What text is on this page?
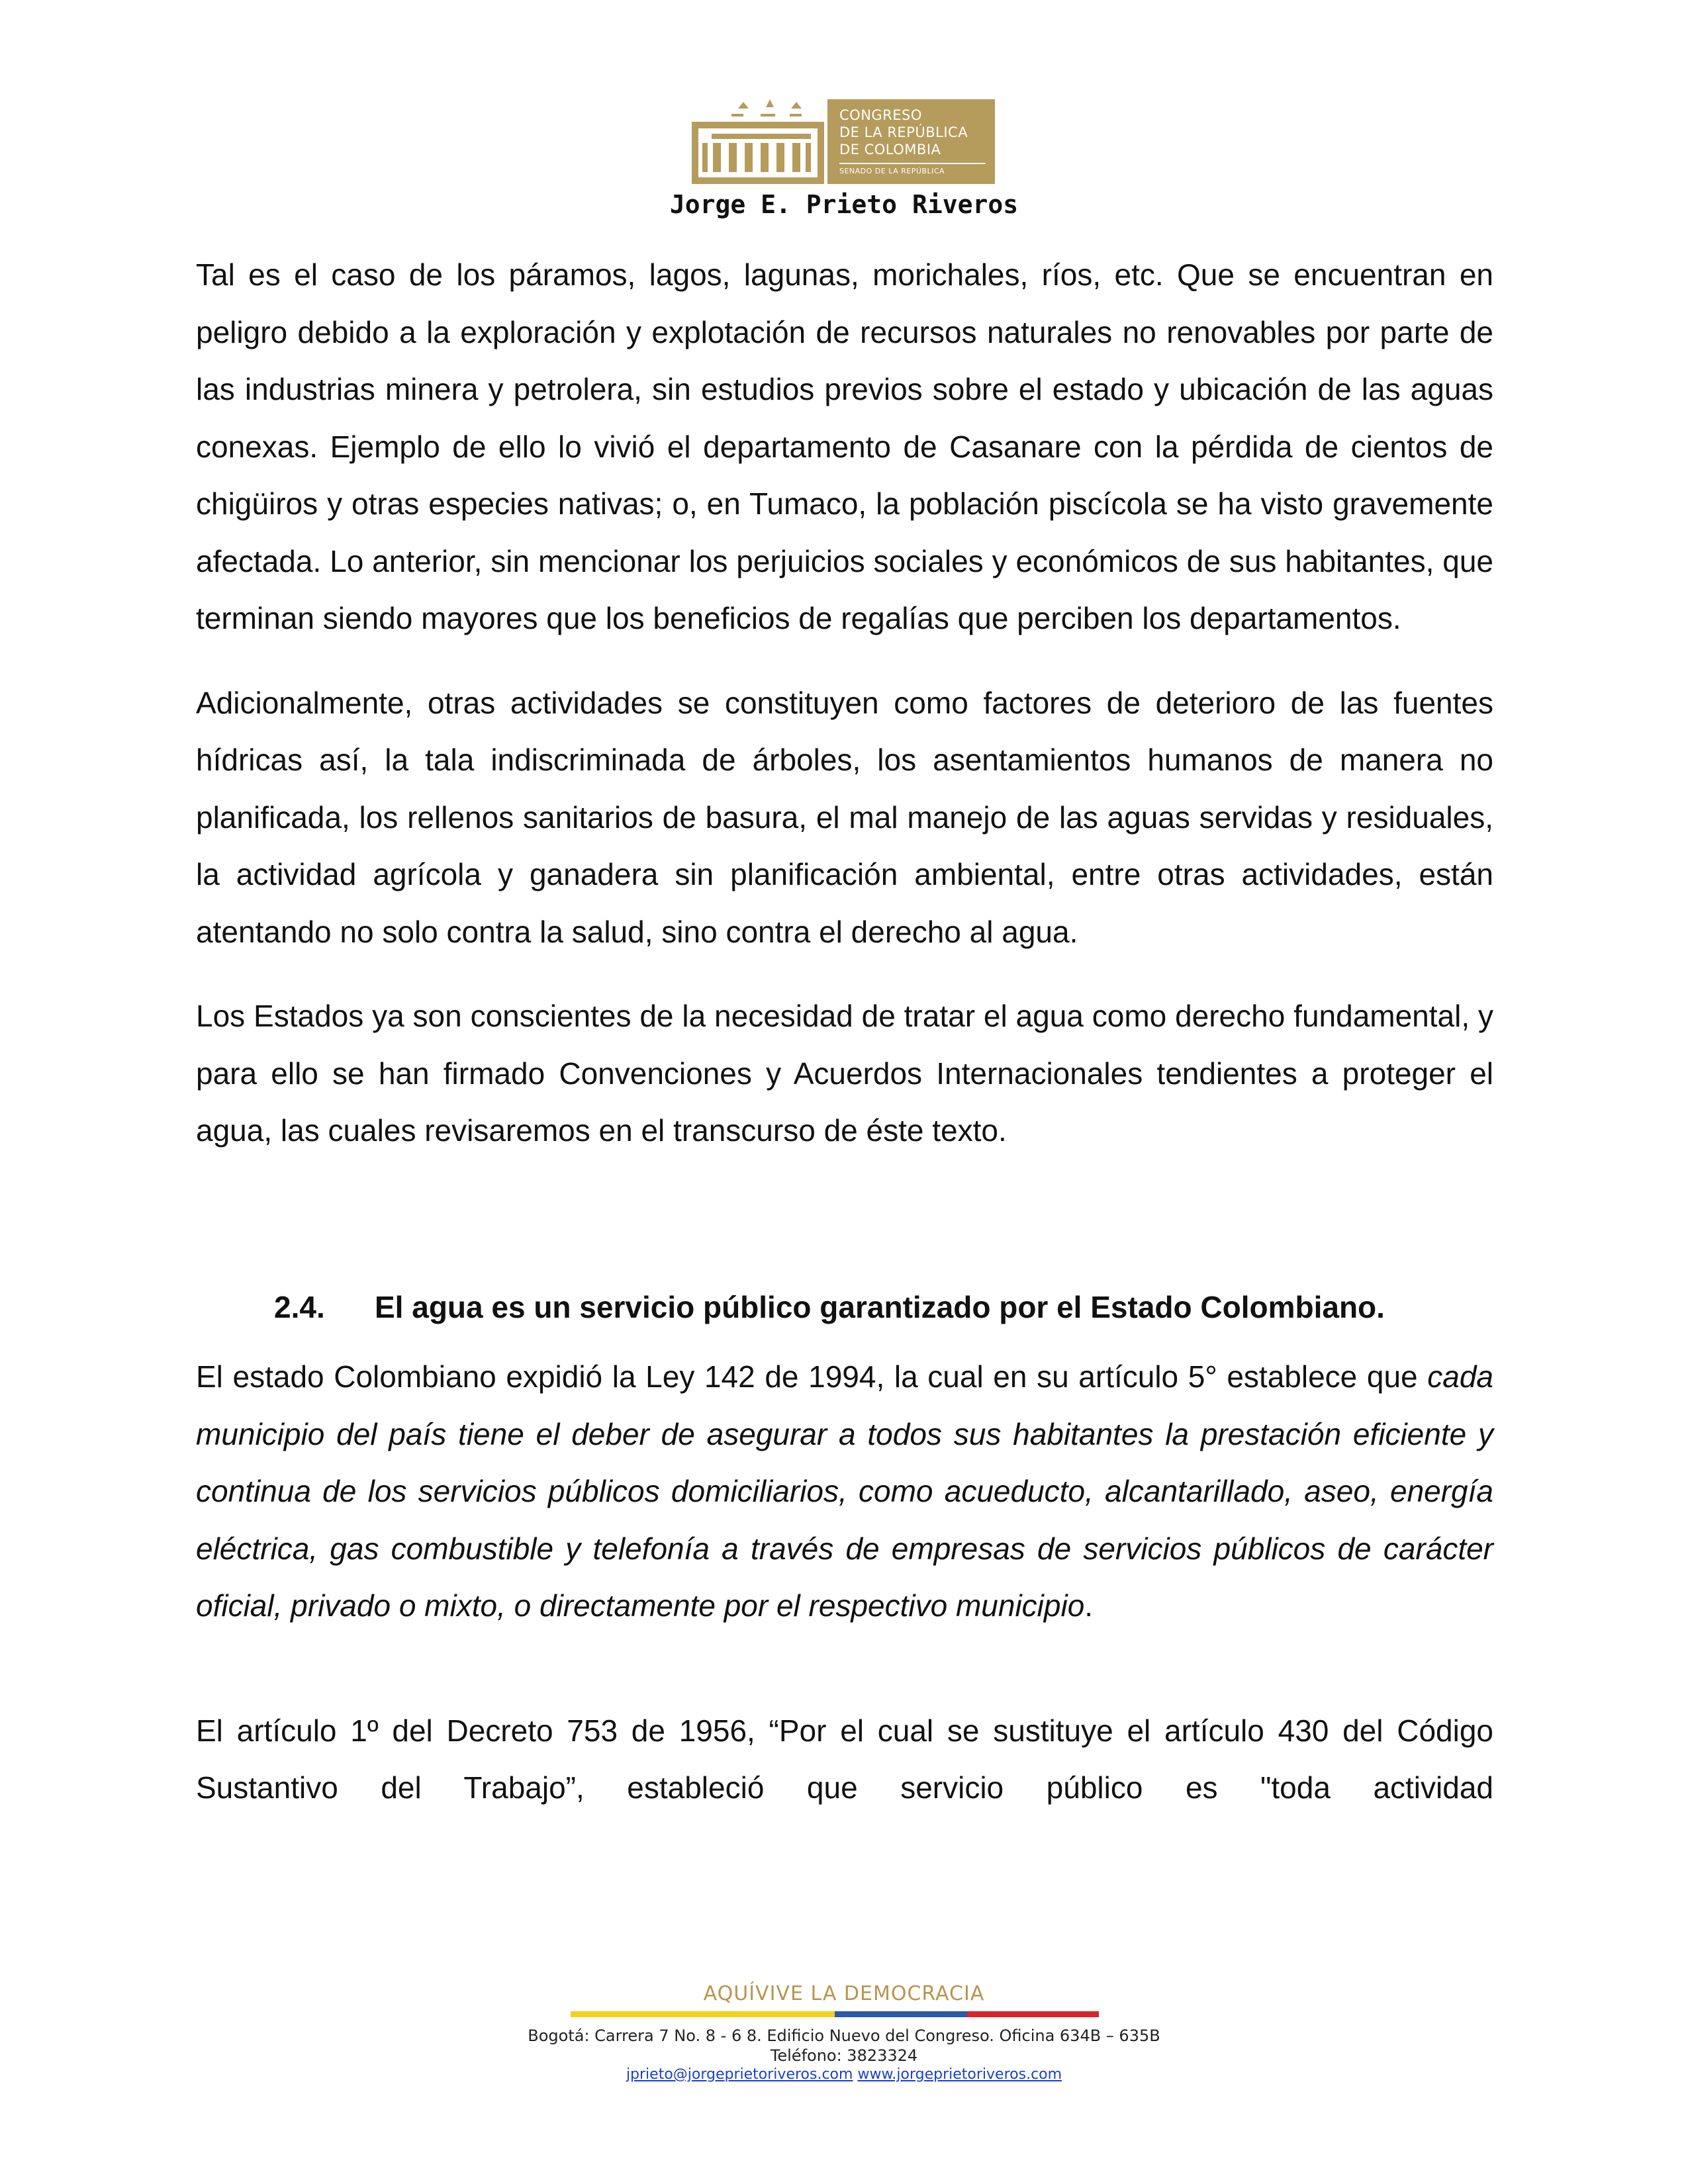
CONGRESO
DE LA REPÚBLICA
DE COLOMBIA
SENADO DE LA REPÚBLICA
Jorge E. Prieto Riveros

Tal es el caso de los páramos, lagos, lagunas, morichales, ríos, etc. Que se encuentran en peligro debido a la exploración y explotación de recursos naturales no renovables por parte de las industrias minera y petrolera, sin estudios previos sobre el estado y ubicación de las aguas conexas. Ejemplo de ello lo vivió el departamento de Casanare con la pérdida de cientos de chigüiros y otras especies nativas; o, en Tumaco, la población piscícola se ha visto gravemente afectada. Lo anterior, sin mencionar los perjuicios sociales y económicos de sus habitantes, que terminan siendo mayores que los beneficios de regalías que perciben los departamentos.

Adicionalmente, otras actividades se constituyen como factores de deterioro de las fuentes hídricas así, la tala indiscriminada de árboles, los asentamientos humanos de manera no planificada, los rellenos sanitarios de basura, el mal manejo de las aguas servidas y residuales, la actividad agrícola y ganadera sin planificación ambiental, entre otras actividades, están atentando no solo contra la salud, sino contra el derecho al agua.

Los Estados ya son conscientes de la necesidad de tratar el agua como derecho fundamental, y para ello se han firmado Convenciones y Acuerdos Internacionales tendientes a proteger el agua, las cuales revisaremos en el transcurso de éste texto.

2.4.	El agua es un servicio público garantizado por el Estado Colombiano.

El estado Colombiano expidió la Ley 142 de 1994, la cual en su artículo 5° establece que cada municipio del país tiene el deber de asegurar a todos sus habitantes la prestación eficiente y continua de los servicios públicos domiciliarios, como acueducto, alcantarillado, aseo, energía eléctrica, gas combustible y telefonía a través de empresas de servicios públicos de carácter oficial, privado o mixto, o directamente por el respectivo municipio.

El artículo 1º del Decreto 753 de 1956, “Por el cual se sustituye el artículo 430 del Código Sustantivo del Trabajo”, estableció que servicio público es "toda actividad

AQUÍVIVE LA DEMOCRACIA
Bogotá: Carrera 7 No. 8 - 6 8. Edificio Nuevo del Congreso. Oficina 634B – 635B
Teléfono: 3823324
jprieto@jorgeprietoriveros.com www.jorgeprietoriveros.com
